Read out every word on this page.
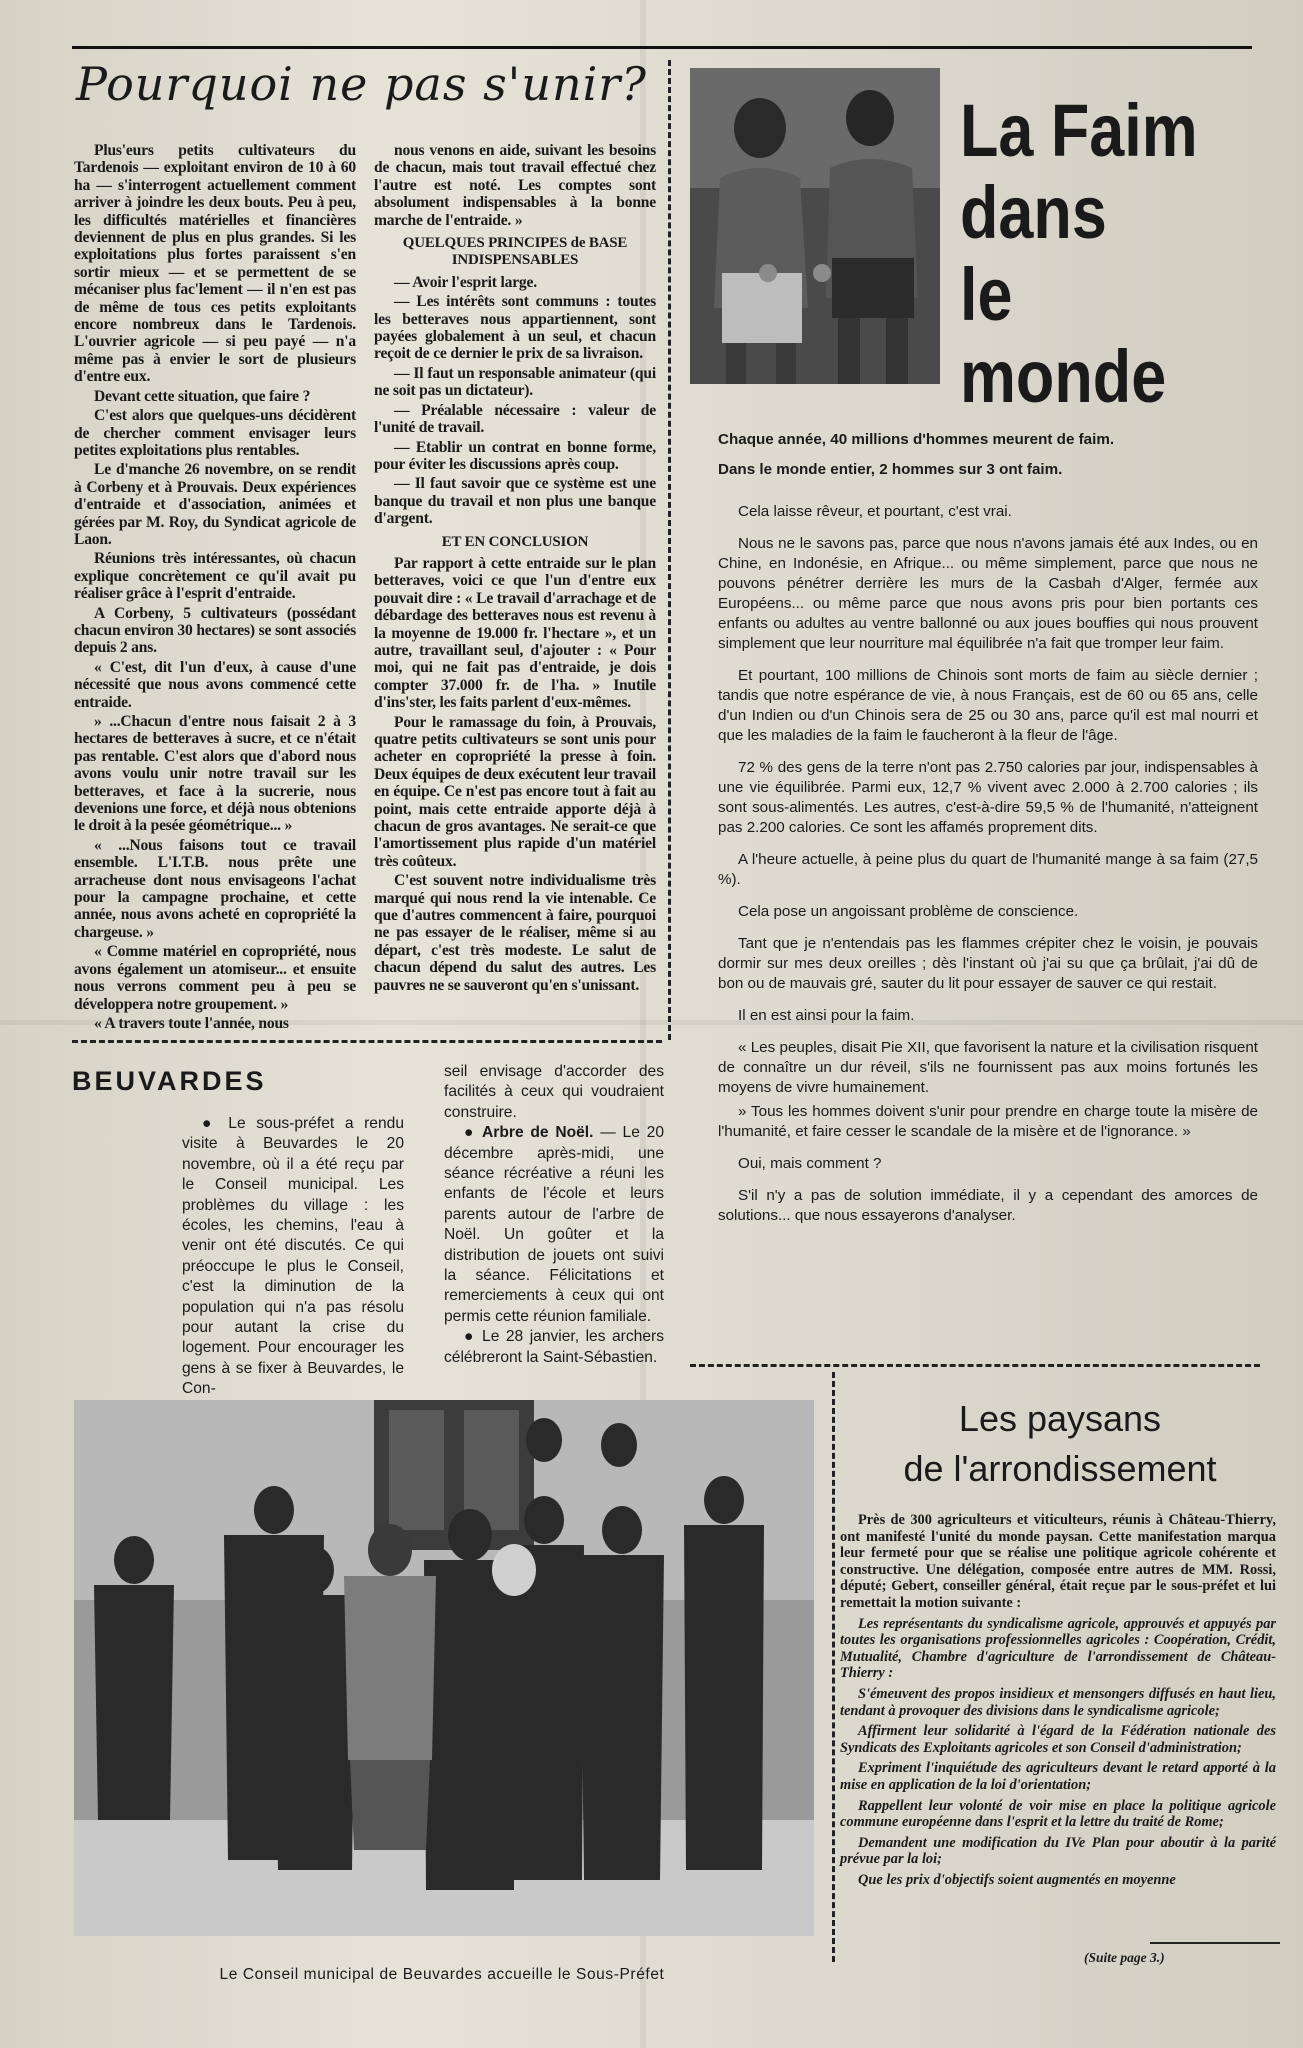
Pourquoi ne pas s'unir?

Plus'eurs petits cultivateurs du Tardenois — exploitant environ de 10 à 60 ha — s'interrogent actuellement comment arriver à joindre les deux bouts. Peu à peu, les difficultés matérielles et financières deviennent de plus en plus grandes. Si les exploitations plus fortes paraissent s'en sortir mieux — et se permettent de se mécaniser plus fac'lement — il n'en est pas de même de tous ces petits exploitants encore nombreux dans le Tardenois. L'ouvrier agricole — si peu payé — n'a même pas à envier le sort de plusieurs d'entre eux.

Devant cette situation, que faire ?

C'est alors que quelques-uns décidèrent de chercher comment envisager leurs petites exploitations plus rentables.

Le d'manche 26 novembre, on se rendit à Corbeny et à Prouvais. Deux expériences d'entraide et d'association, animées et gérées par M. Roy, du Syndicat agricole de Laon.

Réunions très intéressantes, où chacun explique concrètement ce qu'il avait pu réaliser grâce à l'esprit d'entraide.

A Corbeny, 5 cultivateurs (possédant chacun environ 30 hectares) se sont associés depuis 2 ans.

« C'est, dit l'un d'eux, à cause d'une nécessité que nous avons commencé cette entraide.

» ...Chacun d'entre nous faisait 2 à 3 hectares de betteraves à sucre, et ce n'était pas rentable. C'est alors que d'abord nous avons voulu unir notre travail sur les betteraves, et face à la sucrerie, nous devenions une force, et déjà nous obtenions le droit à la pesée géométrique... »

« ...Nous faisons tout ce travail ensemble. L'I.T.B. nous prête une arracheuse dont nous envisageons l'achat pour la campagne prochaine, et cette année, nous avons acheté en copropriété la chargeuse. »

« Comme matériel en copropriété, nous avons également un atomiseur... et ensuite nous verrons comment peu à peu se développera notre groupement. »

« A travers toute l'année, nous

nous venons en aide, suivant les besoins de chacun, mais tout travail effectué chez l'autre est noté. Les comptes sont absolument indispensables à la bonne marche de l'entraide. »

QUELQUES PRINCIPES de BASE INDISPENSABLES

— Avoir l'esprit large.

— Les intérêts sont communs : toutes les betteraves nous appartiennent, sont payées globalement à un seul, et chacun reçoit de ce dernier le prix de sa livraison.

— Il faut un responsable animateur (qui ne soit pas un dictateur).

— Préalable nécessaire : valeur de l'unité de travail.

— Etablir un contrat en bonne forme, pour éviter les discussions après coup.

— Il faut savoir que ce système est une banque du travail et non plus une banque d'argent.

ET EN CONCLUSION

Par rapport à cette entraide sur le plan betteraves, voici ce que l'un d'entre eux pouvait dire : « Le travail d'arrachage et de débardage des betteraves nous est revenu à la moyenne de 19.000 fr. l'hectare », et un autre, travaillant seul, d'ajouter : « Pour moi, qui ne fait pas d'entraide, je dois compter 37.000 fr. de l'ha. » Inutile d'ins'ster, les faits parlent d'eux-mêmes.

Pour le ramassage du foin, à Prouvais, quatre petits cultivateurs se sont unis pour acheter en copropriété la presse à foin. Deux équipes de deux exécutent leur travail en équipe. Ce n'est pas encore tout à fait au point, mais cette entraide apporte déjà à chacun de gros avantages. Ne serait-ce que l'amortissement plus rapide d'un matériel très coûteux.

C'est souvent notre individualisme très marqué qui nous rend la vie intenable. Ce que d'autres commencent à faire, pourquoi ne pas essayer de le réaliser, même si au départ, c'est très modeste. Le salut de chacun dépend du salut des autres. Les pauvres ne se sauveront qu'en s'unissant.

La Faim
dans
le monde

Chaque année, 40 millions d'hommes meurent de faim.

Dans le monde entier, 2 hommes sur 3 ont faim.

Cela laisse rêveur, et pourtant, c'est vrai.

Nous ne le savons pas, parce que nous n'avons jamais été aux Indes, ou en Chine, en Indonésie, en Afrique... ou même simplement, parce que nous ne pouvons pénétrer derrière les murs de la Casbah d'Alger, fermée aux Européens... ou même parce que nous avons pris pour bien portants ces enfants ou adultes au ventre ballonné ou aux joues bouffies qui nous prouvent simplement que leur nourriture mal équilibrée n'a fait que tromper leur faim.

Et pourtant, 100 millions de Chinois sont morts de faim au siècle dernier ; tandis que notre espérance de vie, à nous Français, est de 60 ou 65 ans, celle d'un Indien ou d'un Chinois sera de 25 ou 30 ans, parce qu'il est mal nourri et que les maladies de la faim le faucheront à la fleur de l'âge.

72 % des gens de la terre n'ont pas 2.750 calories par jour, indispensables à une vie équilibrée. Parmi eux, 12,7 % vivent avec 2.000 à 2.700 calories ; ils sont sous-alimentés. Les autres, c'est-à-dire 59,5 % de l'humanité, n'atteignent pas 2.200 calories. Ce sont les affamés proprement dits.

A l'heure actuelle, à peine plus du quart de l'humanité mange à sa faim (27,5 %).

Cela pose un angoissant problème de conscience.

Tant que je n'entendais pas les flammes crépiter chez le voisin, je pouvais dormir sur mes deux oreilles ; dès l'instant où j'ai su que ça brûlait, j'ai dû de bon ou de mauvais gré, sauter du lit pour essayer de sauver ce qui restait.

Il en est ainsi pour la faim.

« Les peuples, disait Pie XII, que favorisent la nature et la civilisation risquent de connaître un dur réveil, s'ils ne fournissent pas aux moins fortunés les moyens de vivre humainement.

» Tous les hommes doivent s'unir pour prendre en charge toute la misère de l'humanité, et faire cesser le scandale de la misère et de l'ignorance. »

Oui, mais comment ?

S'il n'y a pas de solution immédiate, il y a cependant des amorces de solutions... que nous essayerons d'analyser.

BEUVARDES

● Le sous-préfet a rendu visite à Beuvardes le 20 novembre, où il a été reçu par le Conseil municipal. Les problèmes du village : les écoles, les chemins, l'eau à venir ont été discutés. Ce qui préoccupe le plus le Conseil, c'est la diminution de la population qui n'a pas résolu pour autant la crise du logement. Pour encourager les gens à se fixer à Beuvardes, le Con-

seil envisage d'accorder des facilités à ceux qui voudraient construire.

● Arbre de Noël. — Le 20 décembre après-midi, une séance récréative a réuni les enfants de l'école et leurs parents autour de l'arbre de Noël. Un goûter et la distribution de jouets ont suivi la séance. Félicitations et remerciements à ceux qui ont permis cette réunion familiale.

● Le 28 janvier, les archers célébreront la Saint-Sébastien.

Le Conseil municipal de Beuvardes accueille le Sous-Préfet
Les paysans
de l'arrondissement

Près de 300 agriculteurs et viticulteurs, réunis à Château-Thierry, ont manifesté l'unité du monde paysan. Cette manifestation marqua leur fermeté pour que se réalise une politique agricole cohérente et constructive. Une délégation, composée entre autres de MM. Rossi, député; Gebert, conseiller général, était reçue par le sous-préfet et lui remettait la motion suivante :

Les représentants du syndicalisme agricole, approuvés et appuyés par toutes les organisations professionnelles agricoles : Coopération, Crédit, Mutualité, Chambre d'agriculture de l'arrondissement de Château-Thierry :

S'émeuvent des propos insidieux et mensongers diffusés en haut lieu, tendant à provoquer des divisions dans le syndicalisme agricole;

Affirment leur solidarité à l'égard de la Fédération nationale des Syndicats des Exploitants agricoles et son Conseil d'administration;

Expriment l'inquiétude des agriculteurs devant le retard apporté à la mise en application de la loi d'orientation;

Rappellent leur volonté de voir mise en place la politique agricole commune européenne dans l'esprit et la lettre du traité de Rome;

Demandent une modification du IVe Plan pour aboutir à la parité prévue par la loi;

Que les prix d'objectifs soient augmentés en moyenne

(Suite page 3.)
